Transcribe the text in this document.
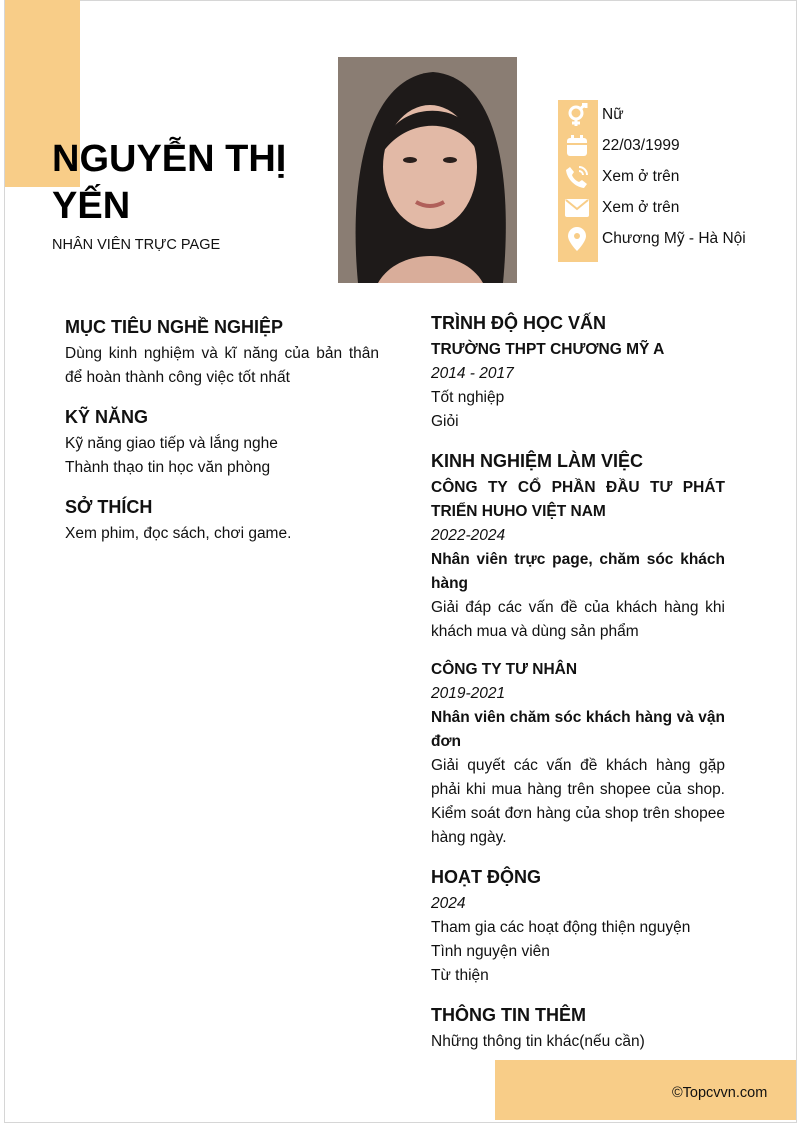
NGUYỄN THỊ YẾN
NHÂN VIÊN TRỰC PAGE
Nữ
22/03/1999
Xem ở trên
Xem ở trên
Chương Mỹ - Hà Nội
MỤC TIÊU NGHỀ NGHIỆP
Dùng kinh nghiệm và kĩ năng của bản thân để hoàn thành công việc tốt nhất
KỸ NĂNG
Kỹ năng giao tiếp và lắng nghe
Thành thạo tin học văn phòng
SỞ THÍCH
Xem phim, đọc sách, chơi game.
TRÌNH ĐỘ HỌC VẤN
TRƯỜNG THPT CHƯƠNG MỸ A
2014 - 2017
Tốt nghiệp
Giỏi
KINH NGHIỆM LÀM VIỆC
CÔNG TY CỔ PHẦN ĐẦU TƯ PHÁT TRIỂN HUHO VIỆT NAM
2022-2024
Nhân viên trực page, chăm sóc khách hàng
Giải đáp các vấn đề của khách hàng khi khách mua và dùng sản phẩm
CÔNG TY TƯ NHÂN
2019-2021
Nhân viên chăm sóc khách hàng và vận đơn
Giải quyết các vấn đề khách hàng gặp phải khi mua hàng trên shopee của shop. Kiểm soát đơn hàng của shop trên shopee hàng ngày.
HOẠT ĐỘNG
2024
Tham gia các hoạt động thiện nguyện
Tình nguyện viên
Từ thiện
THÔNG TIN THÊM
Những thông tin khác(nếu cần)
©Topcvvn.com
